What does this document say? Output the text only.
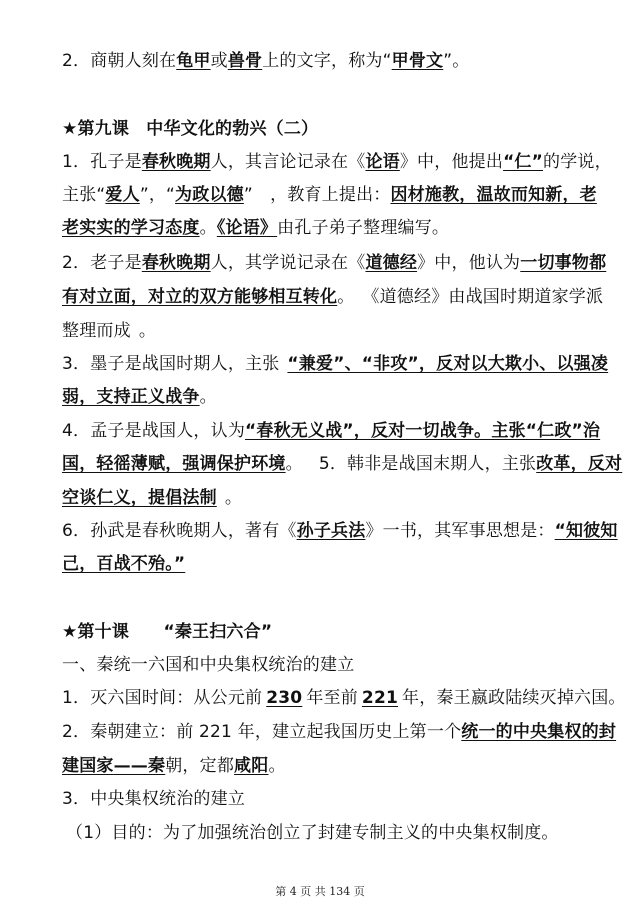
2．商朝人刻在龟甲或兽骨上的文字，称为“甲骨文”。
★第九课　中华文化的勃兴（二）
1．孔子是春秋晚期人，其言论记录在《论语》中，他提出“仁”的学说，
主张“爱人”，“为政以德”　，教育上提出：因材施教，温故而知新，老
老实实的学习态度。《论语》由孔子弟子整理编写。
2．老子是春秋晚期人，其学说记录在《道德经》中，他认为一切事物都
有对立面，对立的双方能够相互转化。 《道德经》由战国时期道家学派
整理而成 。
3．墨子是战国时期人，主张 “兼爱”、“非攻”，反对以大欺小、以强凌
弱，支持正义战争。
4．孟子是战国人，认为“春秋无义战”，反对一切战争。主张“仁政”治
国，轻徭薄赋，强调保护环境。 5．韩非是战国末期人，主张改革，反对
空谈仁义，提倡法制 。
6．孙武是春秋晚期人，著有《孙子兵法》一书，其军事思想是：“知彼知
己，百战不殆。”
★第十课　　“秦王扫六合”
一、秦统一六国和中央集权统治的建立
1．灭六国时间：从公元前 230 年至前 221 年，秦王嬴政陆续灭掉六国。
2．秦朝建立：前 221 年，建立起我国历史上第一个统一的中央集权的封
建国家——秦朝，定都咸阳。
3．中央集权统治的建立
（1）目的：为了加强统治创立了封建专制主义的中央集权制度。
第 4 页 共 134 页
